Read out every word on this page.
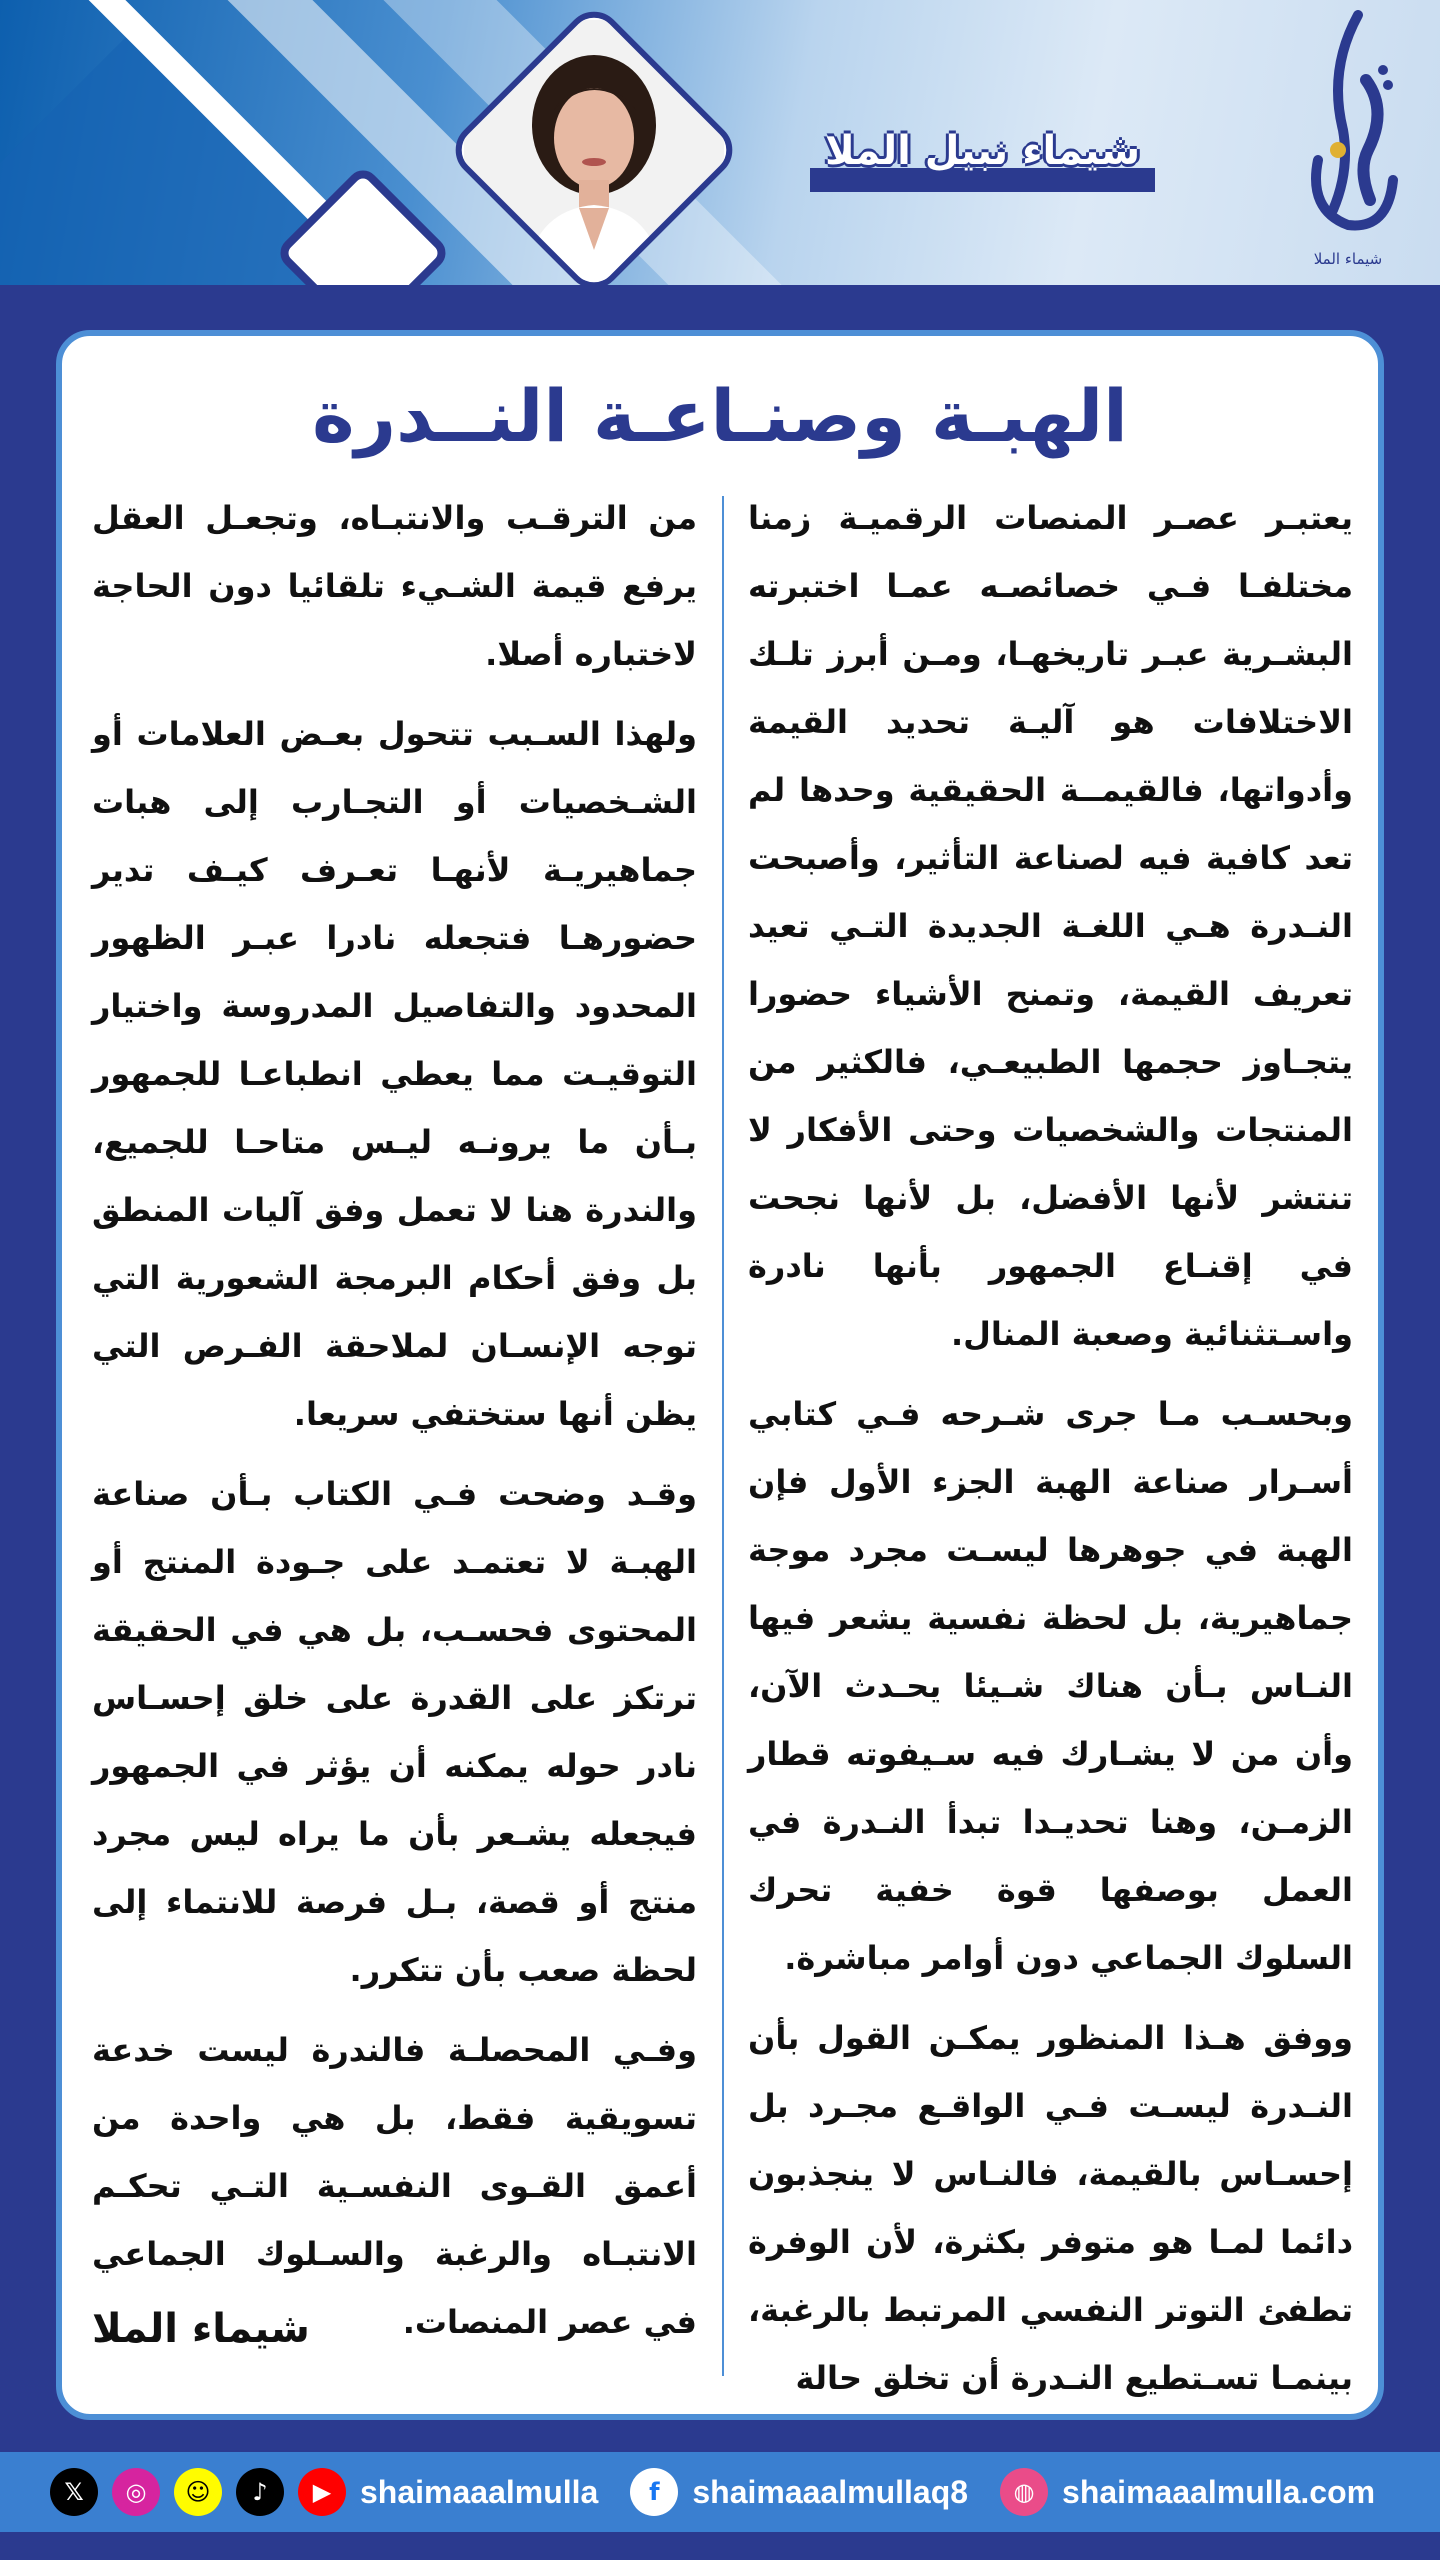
شيماء نبيل الملا
شيماء الملا
الهبـة وصنـاعـة النــدرة

يعتبـر عصـر المنصات الرقميـة زمنا مختلفـا فـي خصائصـه عمـا اختبرته البشـرية عبـر تاريخهـا، ومـن أبرز تلـك الاختلافات هو آليـة تحديد القيمة وأدواتها، فالقيمــة الحقيقية وحدها لم تعد كافية فيه لصناعة التأثير، وأصبحت النـدرة هـي اللغـة الجديدة التـي تعيد تعريف القيمة، وتمنح الأشياء حضورا يتجـاوز حجمها الطبيعـي، فالكثير من المنتجات والشخصيات وحتى الأفكار لا تنتشر لأنها الأفضل، بل لأنها نجحت في إقنـاع الجمهور بأنها نادرة واسـتثنائية وصعبة المنال.

وبحسـب مـا جرى شـرحه فـي كتابي أسـرار صناعة الهبة الجزء الأول فإن الهبة في جوهرها ليسـت مجرد موجة جماهيرية، بل لحظة نفسية يشعر فيها النـاس بـأن هناك شـيئا يحـدث الآن، وأن من لا يشـارك فيه سـيفوته قطار الزمـن، وهنا تحديـدا تبدأ النـدرة في العمل بوصفها قوة خفية تحرك السلوك الجماعي دون أوامر مباشرة.

ووفق هـذا المنظور يمكـن القول بأن النـدرة ليسـت فـي الواقـع مجـرد بل إحسـاس بالقيمة، فالنـاس لا ينجذبون دائما لمـا هو متوفر بكثرة، لأن الوفرة تطفئ التوتر النفسي المرتبط بالرغبة، بينمـا تسـتطيع النـدرة أن تخلق حالة

من الترقـب والانتبـاه، وتجعـل العقل يرفع قيمة الشـيء تلقائيا دون الحاجة لاختباره أصلا.

ولهذا السـبب تتحول بعـض العلامات أو الشـخصيات أو التجـارب إلى هبات جماهيريـة لأنهـا تعـرف كيـف تدير حضورهـا فتجعله نادرا عبـر الظهور المحدود والتفاصيل المدروسة واختيار التوقيـت مما يعطي انطباعـا للجمهور بـأن ما يرونـه ليـس متاحـا للجميع، والندرة هنا لا تعمل وفق آليات المنطق بل وفق أحكام البرمجة الشعورية التي توجه الإنسـان لملاحقة الفـرص التي يظن أنها ستختفي سريعا.

وقـد وضحت فـي الكتاب بـأن صناعة الهبـة لا تعتمـد على جـودة المنتج أو المحتوى فحسـب، بل هي في الحقيقة ترتكز على القدرة على خلق إحسـاس نادر حوله يمكنه أن يؤثر في الجمهور فيجعله يشـعر بأن ما يراه ليس مجرد منتج أو قصة، بـل فرصة للانتماء إلى لحظة صعب بأن تتكرر.

وفـي المحصلـة فالندرة ليست خدعة تسويقية فقط، بل هي واحدة من أعمق القـوى النفسـية التـي تحكـم الانتبـاه والرغبة والسـلوك الجماعي في عصر المنصات.

شيماء الملا
𝕏	◎	☺	♪	▶ shaimaaalmulla	f	shaimaaalmullaq8	◍ shaimaaalmulla.com
